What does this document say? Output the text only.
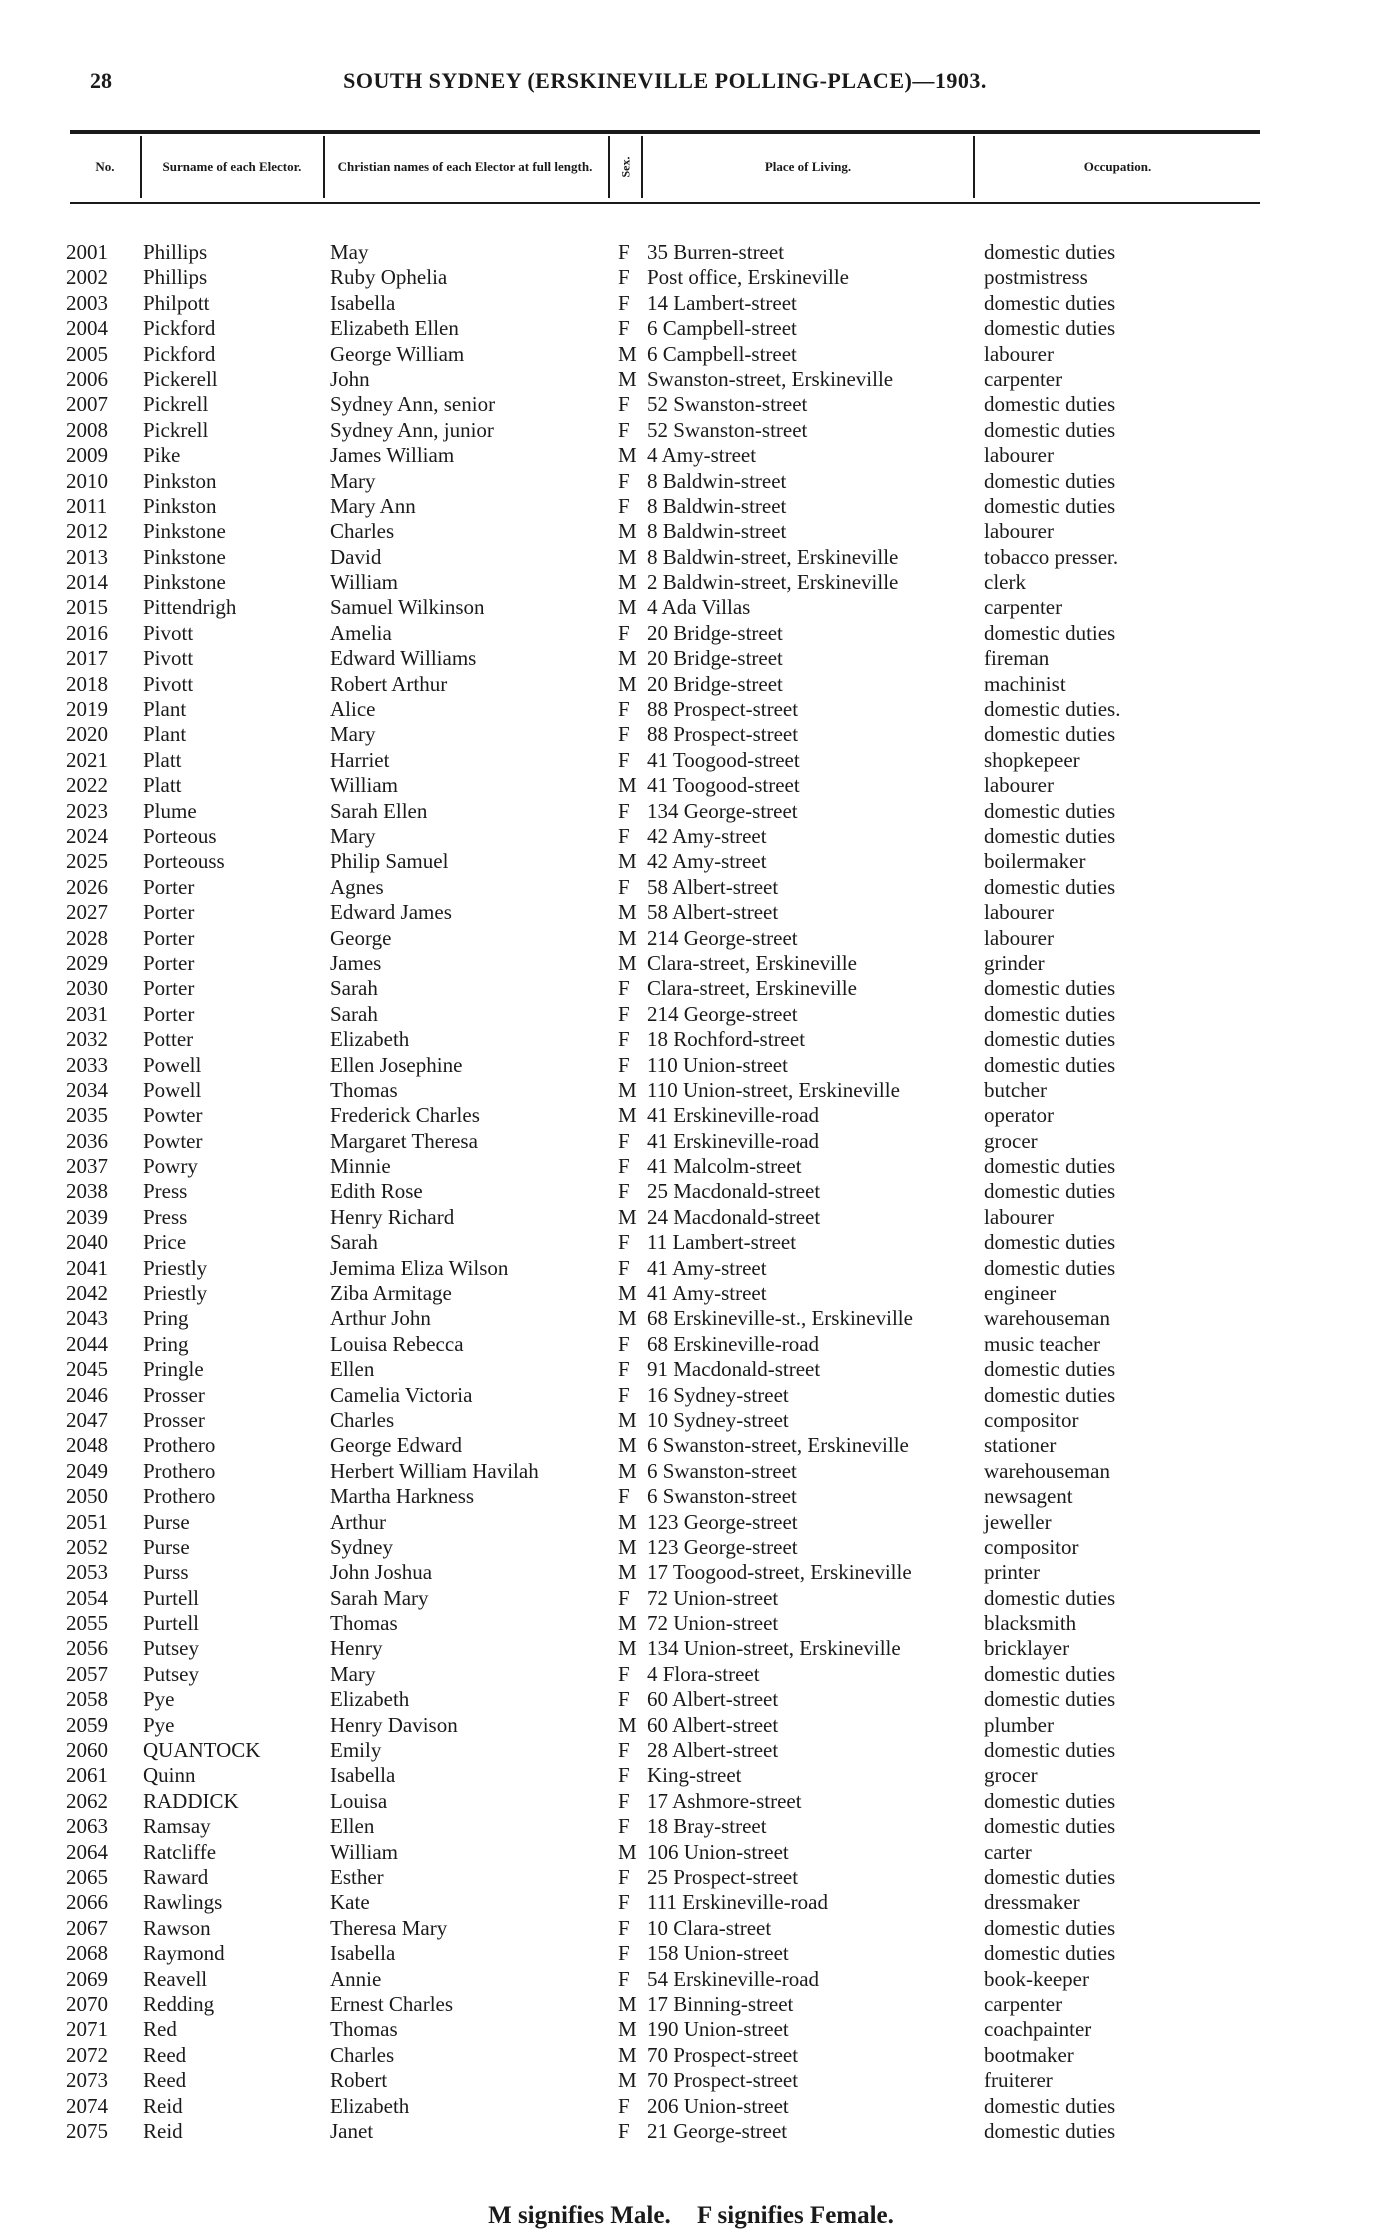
28	SOUTH SYDNEY (ERSKINEVILLE POLLING-PLACE)—1903.
No.	Surname of each Elector.	Christian names of each Elector at full length.	Sex.	Place of Living.	Occupation.
2001 Phillips	May	F 35 Burren-street	domestic duties
2002 Phillips	Ruby Ophelia	F Post office, Erskineville	postmistress
2003 Philpott	Isabella	F 14 Lambert-street	domestic duties
2004 Pickford	Elizabeth Ellen	F 6 Campbell-street	domestic duties
2005 Pickford	George William	M 6 Campbell-street	labourer
2006 Pickerell	John	M Swanston-street, Erskineville	carpenter
2007 Pickrell	Sydney Ann, senior	F 52 Swanston-street	domestic duties
2008 Pickrell	Sydney Ann, junior	F 52 Swanston-street	domestic duties
2009 Pike	James William	M 4 Amy-street	labourer
2010 Pinkston	Mary	F 8 Baldwin-street	domestic duties
2011 Pinkston	Mary Ann	F 8 Baldwin-street	domestic duties
2012 Pinkstone	Charles	M 8 Baldwin-street	labourer
2013 Pinkstone	David	M 8 Baldwin-street, Erskineville	tobacco presser.
2014 Pinkstone	William	M 2 Baldwin-street, Erskineville	clerk
2015 Pittendrigh	Samuel Wilkinson	M 4 Ada Villas	carpenter
2016 Pivott	Amelia	F 20 Bridge-street	domestic duties
2017 Pivott	Edward Williams	M 20 Bridge-street	fireman
2018 Pivott	Robert Arthur	M 20 Bridge-street	machinist
2019 Plant	Alice	F 88 Prospect-street	domestic duties.
2020 Plant	Mary	F 88 Prospect-street	domestic duties
2021 Platt	Harriet	F 41 Toogood-street	shopkepeer
2022 Platt	William	M 41 Toogood-street	labourer
2023 Plume	Sarah Ellen	F 134 George-street	domestic duties
2024 Porteous	Mary	F 42 Amy-street	domestic duties
2025 Porteouss	Philip Samuel	M 42 Amy-street	boilermaker
2026 Porter	Agnes	F 58 Albert-street	domestic duties
2027 Porter	Edward James	M 58 Albert-street	labourer
2028 Porter	George	M 214 George-street	labourer
2029 Porter	James	M Clara-street, Erskineville	grinder
2030 Porter	Sarah	F Clara-street, Erskineville	domestic duties
2031 Porter	Sarah	F 214 George-street	domestic duties
2032 Potter	Elizabeth	F 18 Rochford-street	domestic duties
2033 Powell	Ellen Josephine	F 110 Union-street	domestic duties
2034 Powell	Thomas	M 110 Union-street, Erskineville	butcher
2035 Powter	Frederick Charles	M 41 Erskineville-road	operator
2036 Powter	Margaret Theresa	F 41 Erskineville-road	grocer
2037 Powry	Minnie	F 41 Malcolm-street	domestic duties
2038 Press	Edith Rose	F 25 Macdonald-street	domestic duties
2039 Press	Henry Richard	M 24 Macdonald-street	labourer
2040 Price	Sarah	F 11 Lambert-street	domestic duties
2041 Priestly	Jemima Eliza Wilson	F 41 Amy-street	domestic duties
2042 Priestly	Ziba Armitage	M 41 Amy-street	engineer
2043 Pring	Arthur John	M 68 Erskineville-st., Erskineville	warehouseman
2044 Pring	Louisa Rebecca	F 68 Erskineville-road	music teacher
2045 Pringle	Ellen	F 91 Macdonald-street	domestic duties
2046 Prosser	Camelia Victoria	F 16 Sydney-street	domestic duties
2047 Prosser	Charles	M 10 Sydney-street	compositor
2048 Prothero	George Edward	M 6 Swanston-street, Erskineville	stationer
2049 Prothero	Herbert William Havilah	M 6 Swanston-street	warehouseman
2050 Prothero	Martha Harkness	F 6 Swanston-street	newsagent
2051 Purse	Arthur	M 123 George-street	jeweller
2052 Purse	Sydney	M 123 George-street	compositor
2053 Purss	John Joshua	M 17 Toogood-street, Erskineville	printer
2054 Purtell	Sarah Mary	F 72 Union-street	domestic duties
2055 Purtell	Thomas	M 72 Union-street	blacksmith
2056 Putsey	Henry	M 134 Union-street, Erskineville	bricklayer
2057 Putsey	Mary	F 4 Flora-street	domestic duties
2058 Pye	Elizabeth	F 60 Albert-street	domestic duties
2059 Pye	Henry Davison	M 60 Albert-street	plumber
2060 QUANTOCK	Emily	F 28 Albert-street	domestic duties
2061 Quinn	Isabella	F King-street	grocer
2062 RADDICK	Louisa	F 17 Ashmore-street	domestic duties
2063 Ramsay	Ellen	F 18 Bray-street	domestic duties
2064 Ratcliffe	William	M 106 Union-street	carter
2065 Raward	Esther	F 25 Prospect-street	domestic duties
2066 Rawlings	Kate	F 111 Erskineville-road	dressmaker
2067 Rawson	Theresa Mary	F 10 Clara-street	domestic duties
2068 Raymond	Isabella	F 158 Union-street	domestic duties
2069 Reavell	Annie	F 54 Erskineville-road	book-keeper
2070 Redding	Ernest Charles	M 17 Binning-street	carpenter
2071 Red	Thomas	M 190 Union-street	coachpainter
2072 Reed	Charles	M 70 Prospect-street	bootmaker
2073 Reed	Robert	M 70 Prospect-street	fruiterer
2074 Reid	Elizabeth	F 206 Union-street	domestic duties
2075 Reid	Janet	F 21 George-street	domestic duties
M signifies Male. F signifies Female.
